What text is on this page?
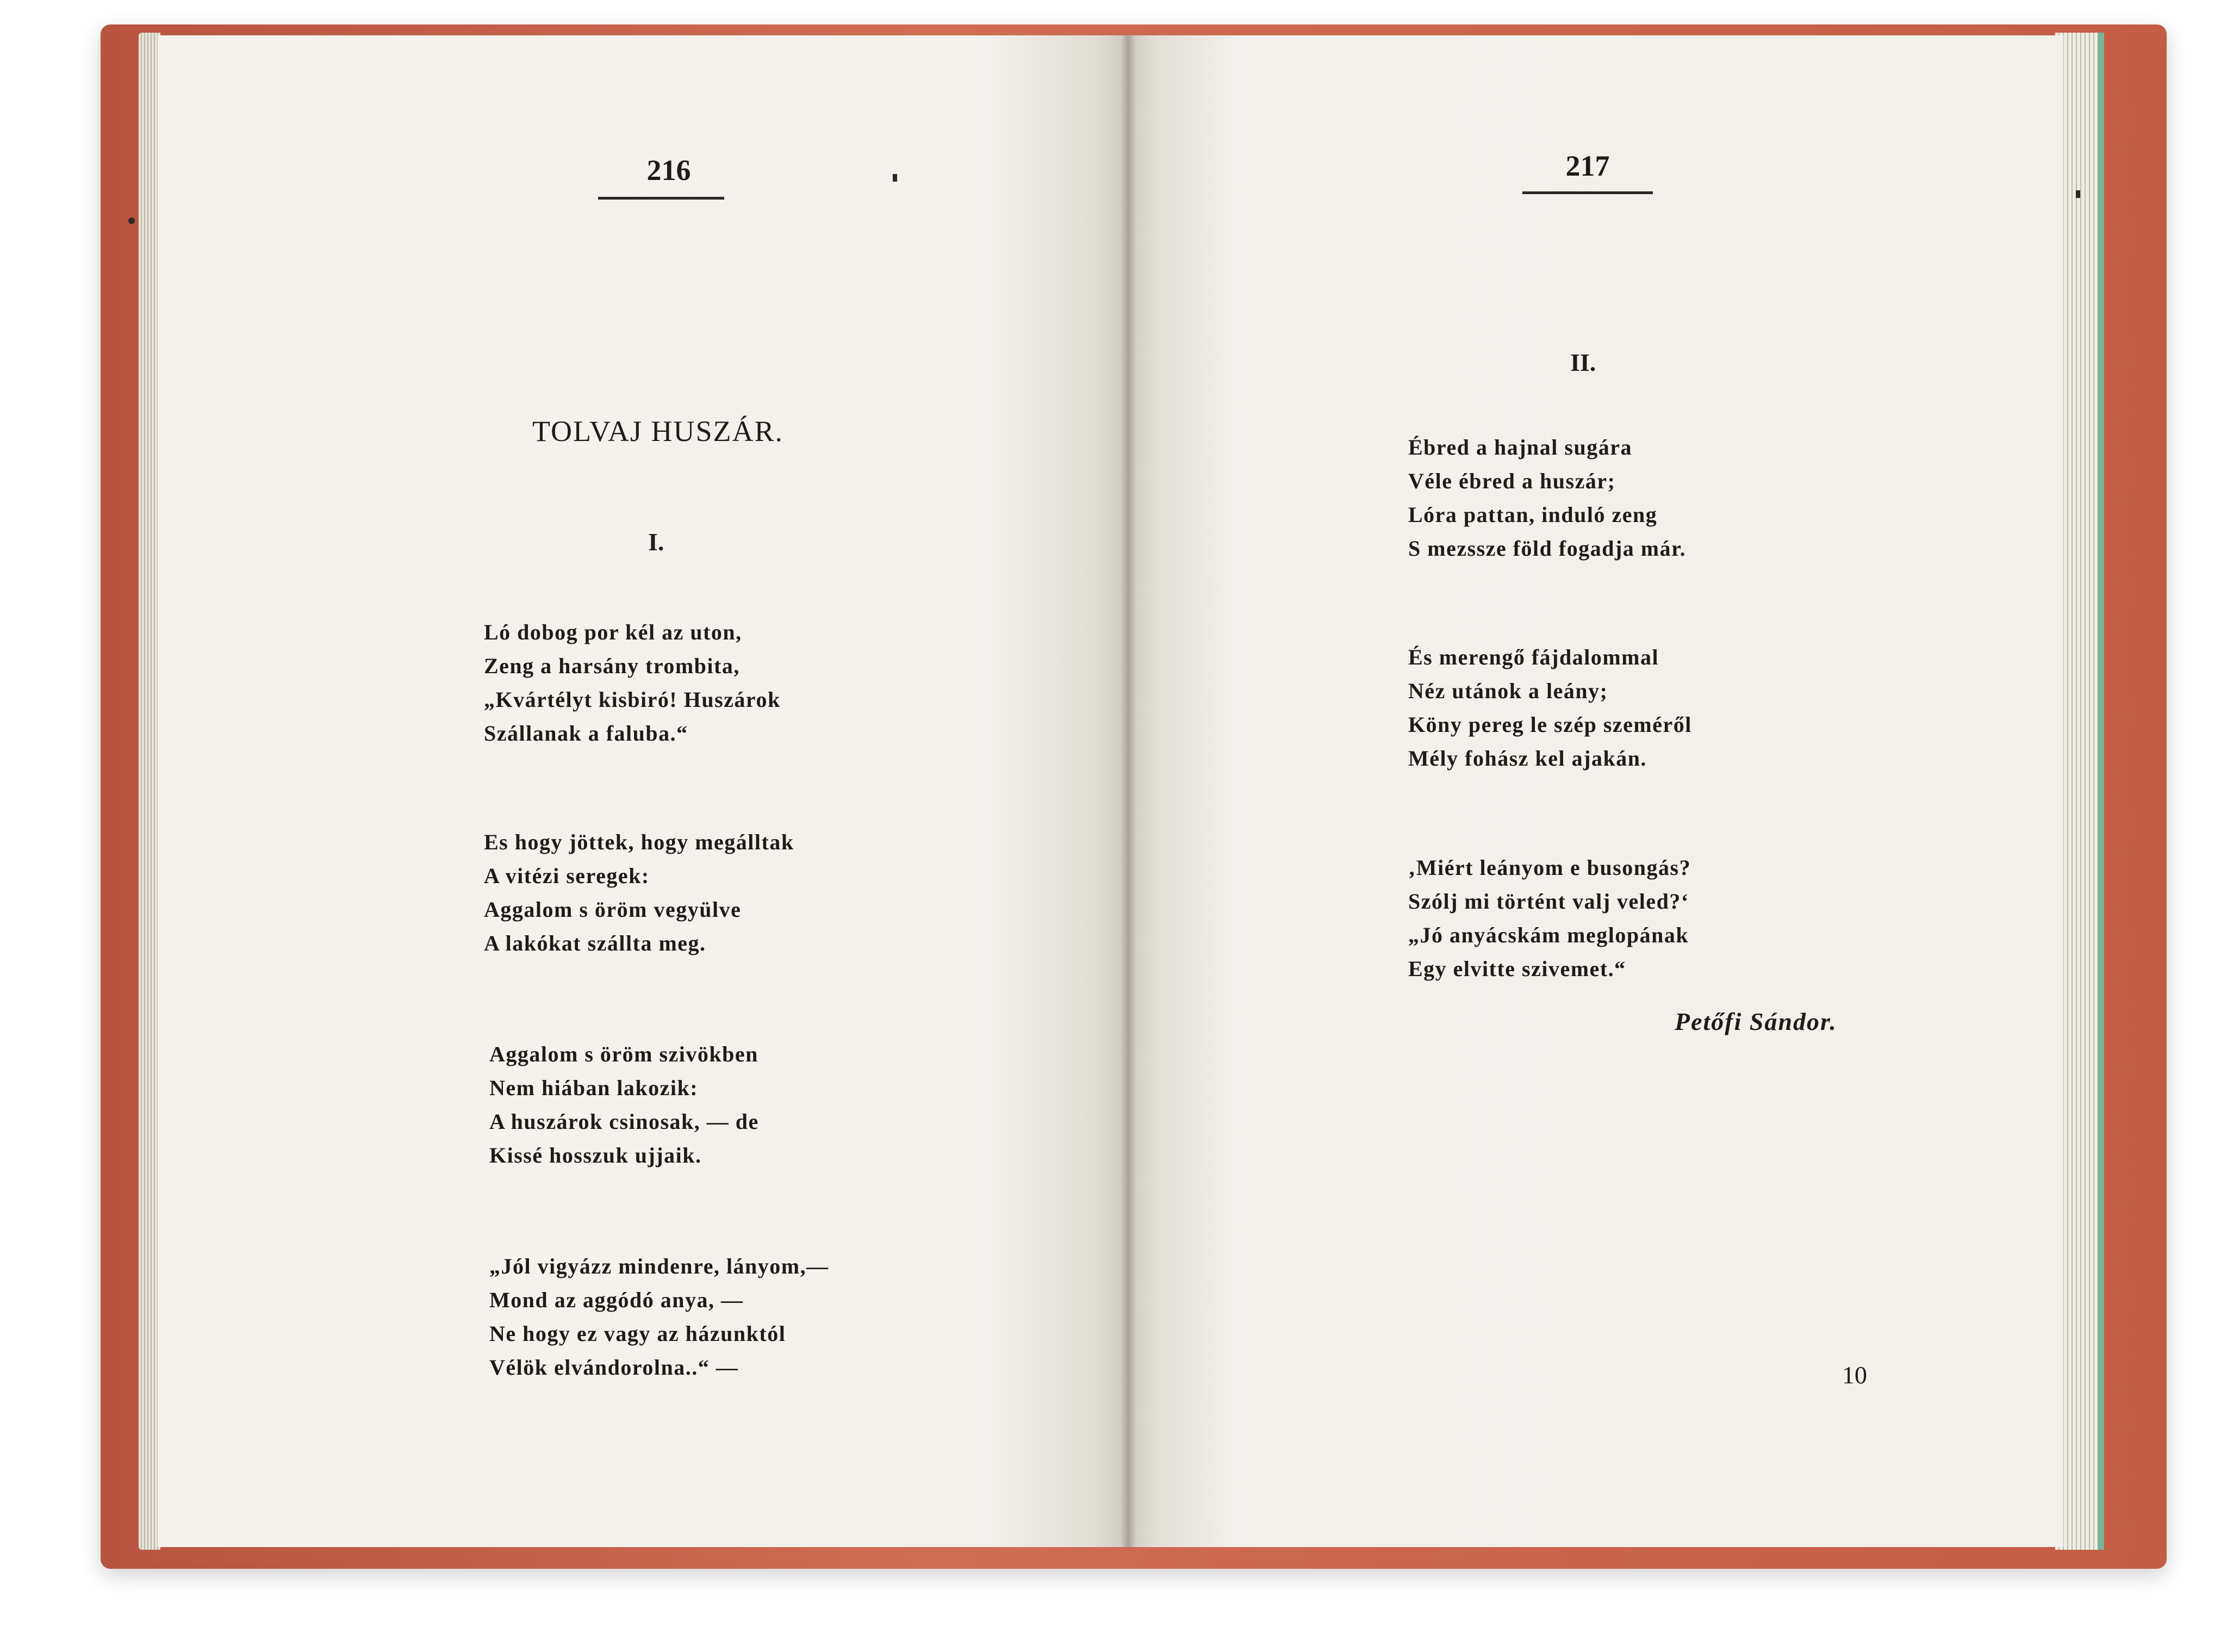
216
TOLVAJ HUSZÁR.
I.
Ló dobog por kél az uton,
Zeng a harsány trombita,
„Kvártélyt kisbiró! Huszárok
Szállanak a faluba.“
Es hogy jöttek, hogy megálltak
A vitézi seregek:
Aggalom s öröm vegyülve
A lakókat szállta meg.
Aggalom s öröm szivökben
Nem hiában lakozik:
A huszárok csinosak, — de
Kissé hosszuk ujjaik.
„Jól vigyázz mindenre, lányom,—
Mond az aggódó anya, —
Ne hogy ez vagy az házunktól
Vélök elvándorolna..“ —
217
II.
Ébred a hajnal sugára
Véle ébred a huszár;
Lóra pattan, induló zeng
S mezssze föld fogadja már.
És merengő fájdalommal
Néz utánok a leány;
Köny pereg le szép szeméről
Mély fohász kel ajakán.
‚Miért leányom e busongás?
Szólj mi történt valj veled?‘
„Jó anyácskám meglopának
Egy elvitte szivemet.“
Petőfi Sándor.
10
